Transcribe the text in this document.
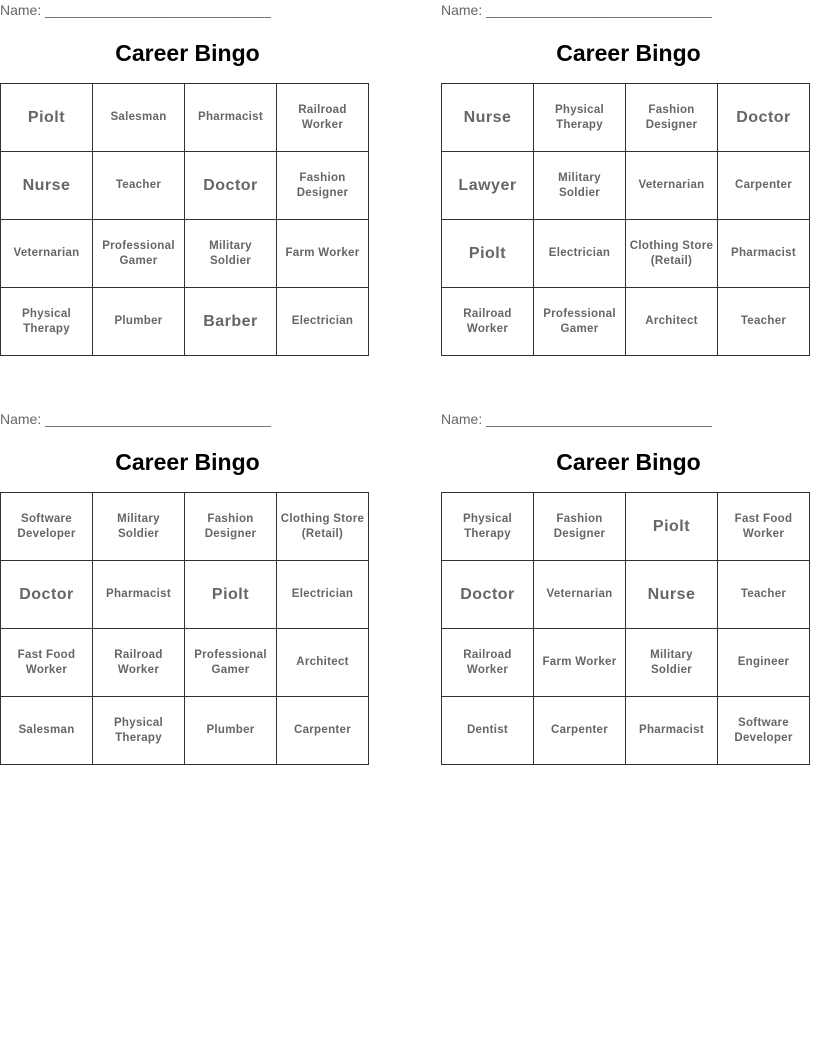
Name: _____________________________
Career Bingo
Piolt	Salesman	Pharmacist	Railroad Worker

Nurse	Teacher	Doctor	Fashion Designer

Veternarian	Professional Gamer	Military Soldier	Farm Worker

Physical Therapy	Plumber	Barber	Electrician
Name: _____________________________
Career Bingo
Nurse	Physical Therapy	Fashion Designer	Doctor

Lawyer	Military Soldier	Veternarian	Carpenter

Piolt	Electrician	Clothing Store (Retail)	Pharmacist

Railroad Worker	Professional Gamer	Architect	Teacher
Name: _____________________________
Career Bingo
Software Developer	Military Soldier	Fashion Designer	Clothing Store (Retail)

Doctor	Pharmacist	Piolt	Electrician

Fast Food Worker	Railroad Worker	Professional Gamer	Architect

Salesman	Physical Therapy	Plumber	Carpenter
Name: _____________________________
Career Bingo
Physical Therapy	Fashion Designer	Piolt	Fast Food Worker

Doctor	Veternarian	Nurse	Teacher

Railroad Worker	Farm Worker	Military Soldier	Engineer

Dentist	Carpenter	Pharmacist	Software Developer
